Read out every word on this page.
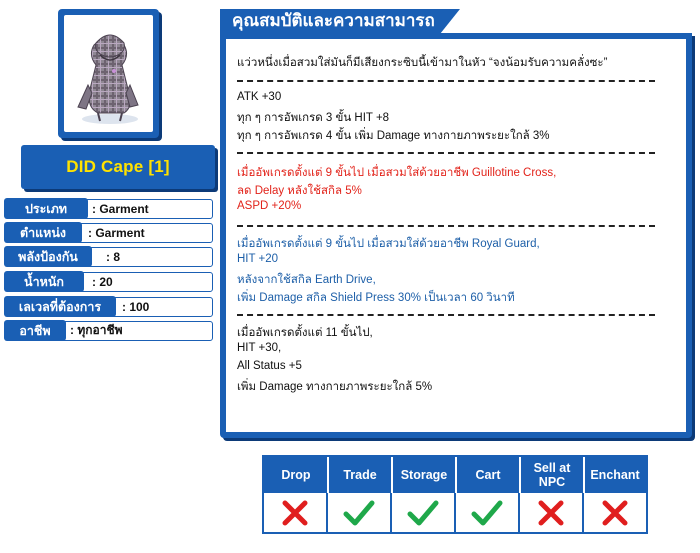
DID Cape [1]
ประเภท	: Garment
ตำแหน่ง	: Garment
พลังป้องกัน	: 8
น้ำหนัก	: 20
เลเวลที่ต้องการ	: 100
อาชีพ	: ทุกอาชีพ
คุณสมบัติและความสามารถ
แว่วหนึ่งเมื่อสวมใส่มันก็มีเสียงกระซิบนี้เข้ามาในหัว “จงน้อมรับความคลั่งซะ”
ATK +30
ทุก ๆ การอัพเกรด 3 ขั้น HIT +8
ทุก ๆ การอัพเกรด 4 ขั้น เพิ่ม Damage ทางกายภาพระยะใกล้ 3%
เมื่ออัพเกรดตั้งแต่ 9 ขั้นไป เมื่อสวมใส่ด้วยอาชีพ Guillotine Cross,
ลด Delay หลังใช้สกิล 5%
ASPD +20%
เมื่ออัพเกรดตั้งแต่ 9 ขั้นไป เมื่อสวมใส่ด้วยอาชีพ Royal Guard,
HIT +20
หลังจากใช้สกิล Earth Drive,
เพิ่ม Damage สกิล Shield Press 30% เป็นเวลา 60 วินาที
เมื่ออัพเกรดตั้งแต่ 11 ขั้นไป,
HIT +30,
All Status +5
เพิ่ม Damage ทางกายภาพระยะใกล้ 5%
Drop	Trade	Storage	Cart	Sell at NPC	Enchant
